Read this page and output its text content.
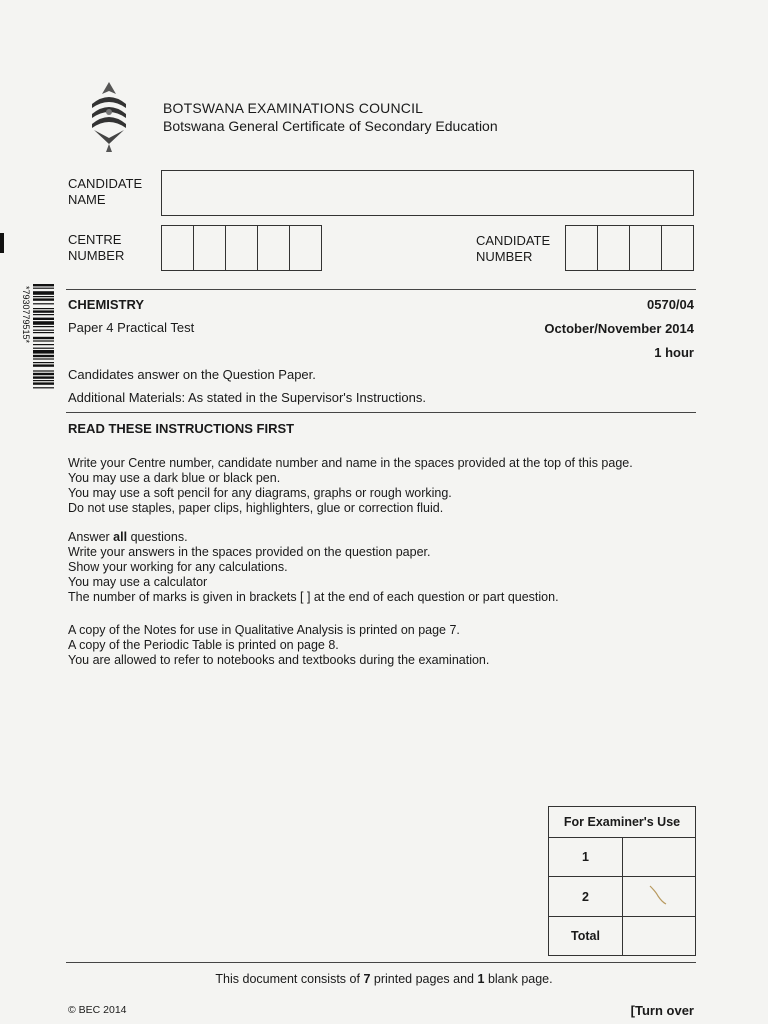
BOTSWANA EXAMINATIONS COUNCIL
Botswana General Certificate of Secondary Education
CANDIDATE NAME
CENTRE NUMBER
CANDIDATE NUMBER
*7930779515*	CHEMISTRY	0570/04
Paper 4 Practical Test	October/November 2014
1 hour
Candidates answer on the Question Paper.
Additional Materials: As stated in the Supervisor's Instructions.
READ THESE INSTRUCTIONS FIRST
Write your Centre number, candidate number and name in the spaces provided at the top of this page.
You may use a dark blue or black pen.
You may use a soft pencil for any diagrams, graphs or rough working.
Do not use staples, paper clips, highlighters, glue or correction fluid.
Answer all questions.
Write your answers in the spaces provided on the question paper.
Show your working for any calculations.
You may use a calculator
The number of marks is given in brackets [ ] at the end of each question or part question.
A copy of the Notes for use in Qualitative Analysis is printed on page 7.
A copy of the Periodic Table is printed on page 8.
You are allowed to refer to notebooks and textbooks during the examination.
For Examiner's Use	
1	
2	
Total	
This document consists of 7 printed pages and 1 blank page.
© BEC 2014	[Turn over
